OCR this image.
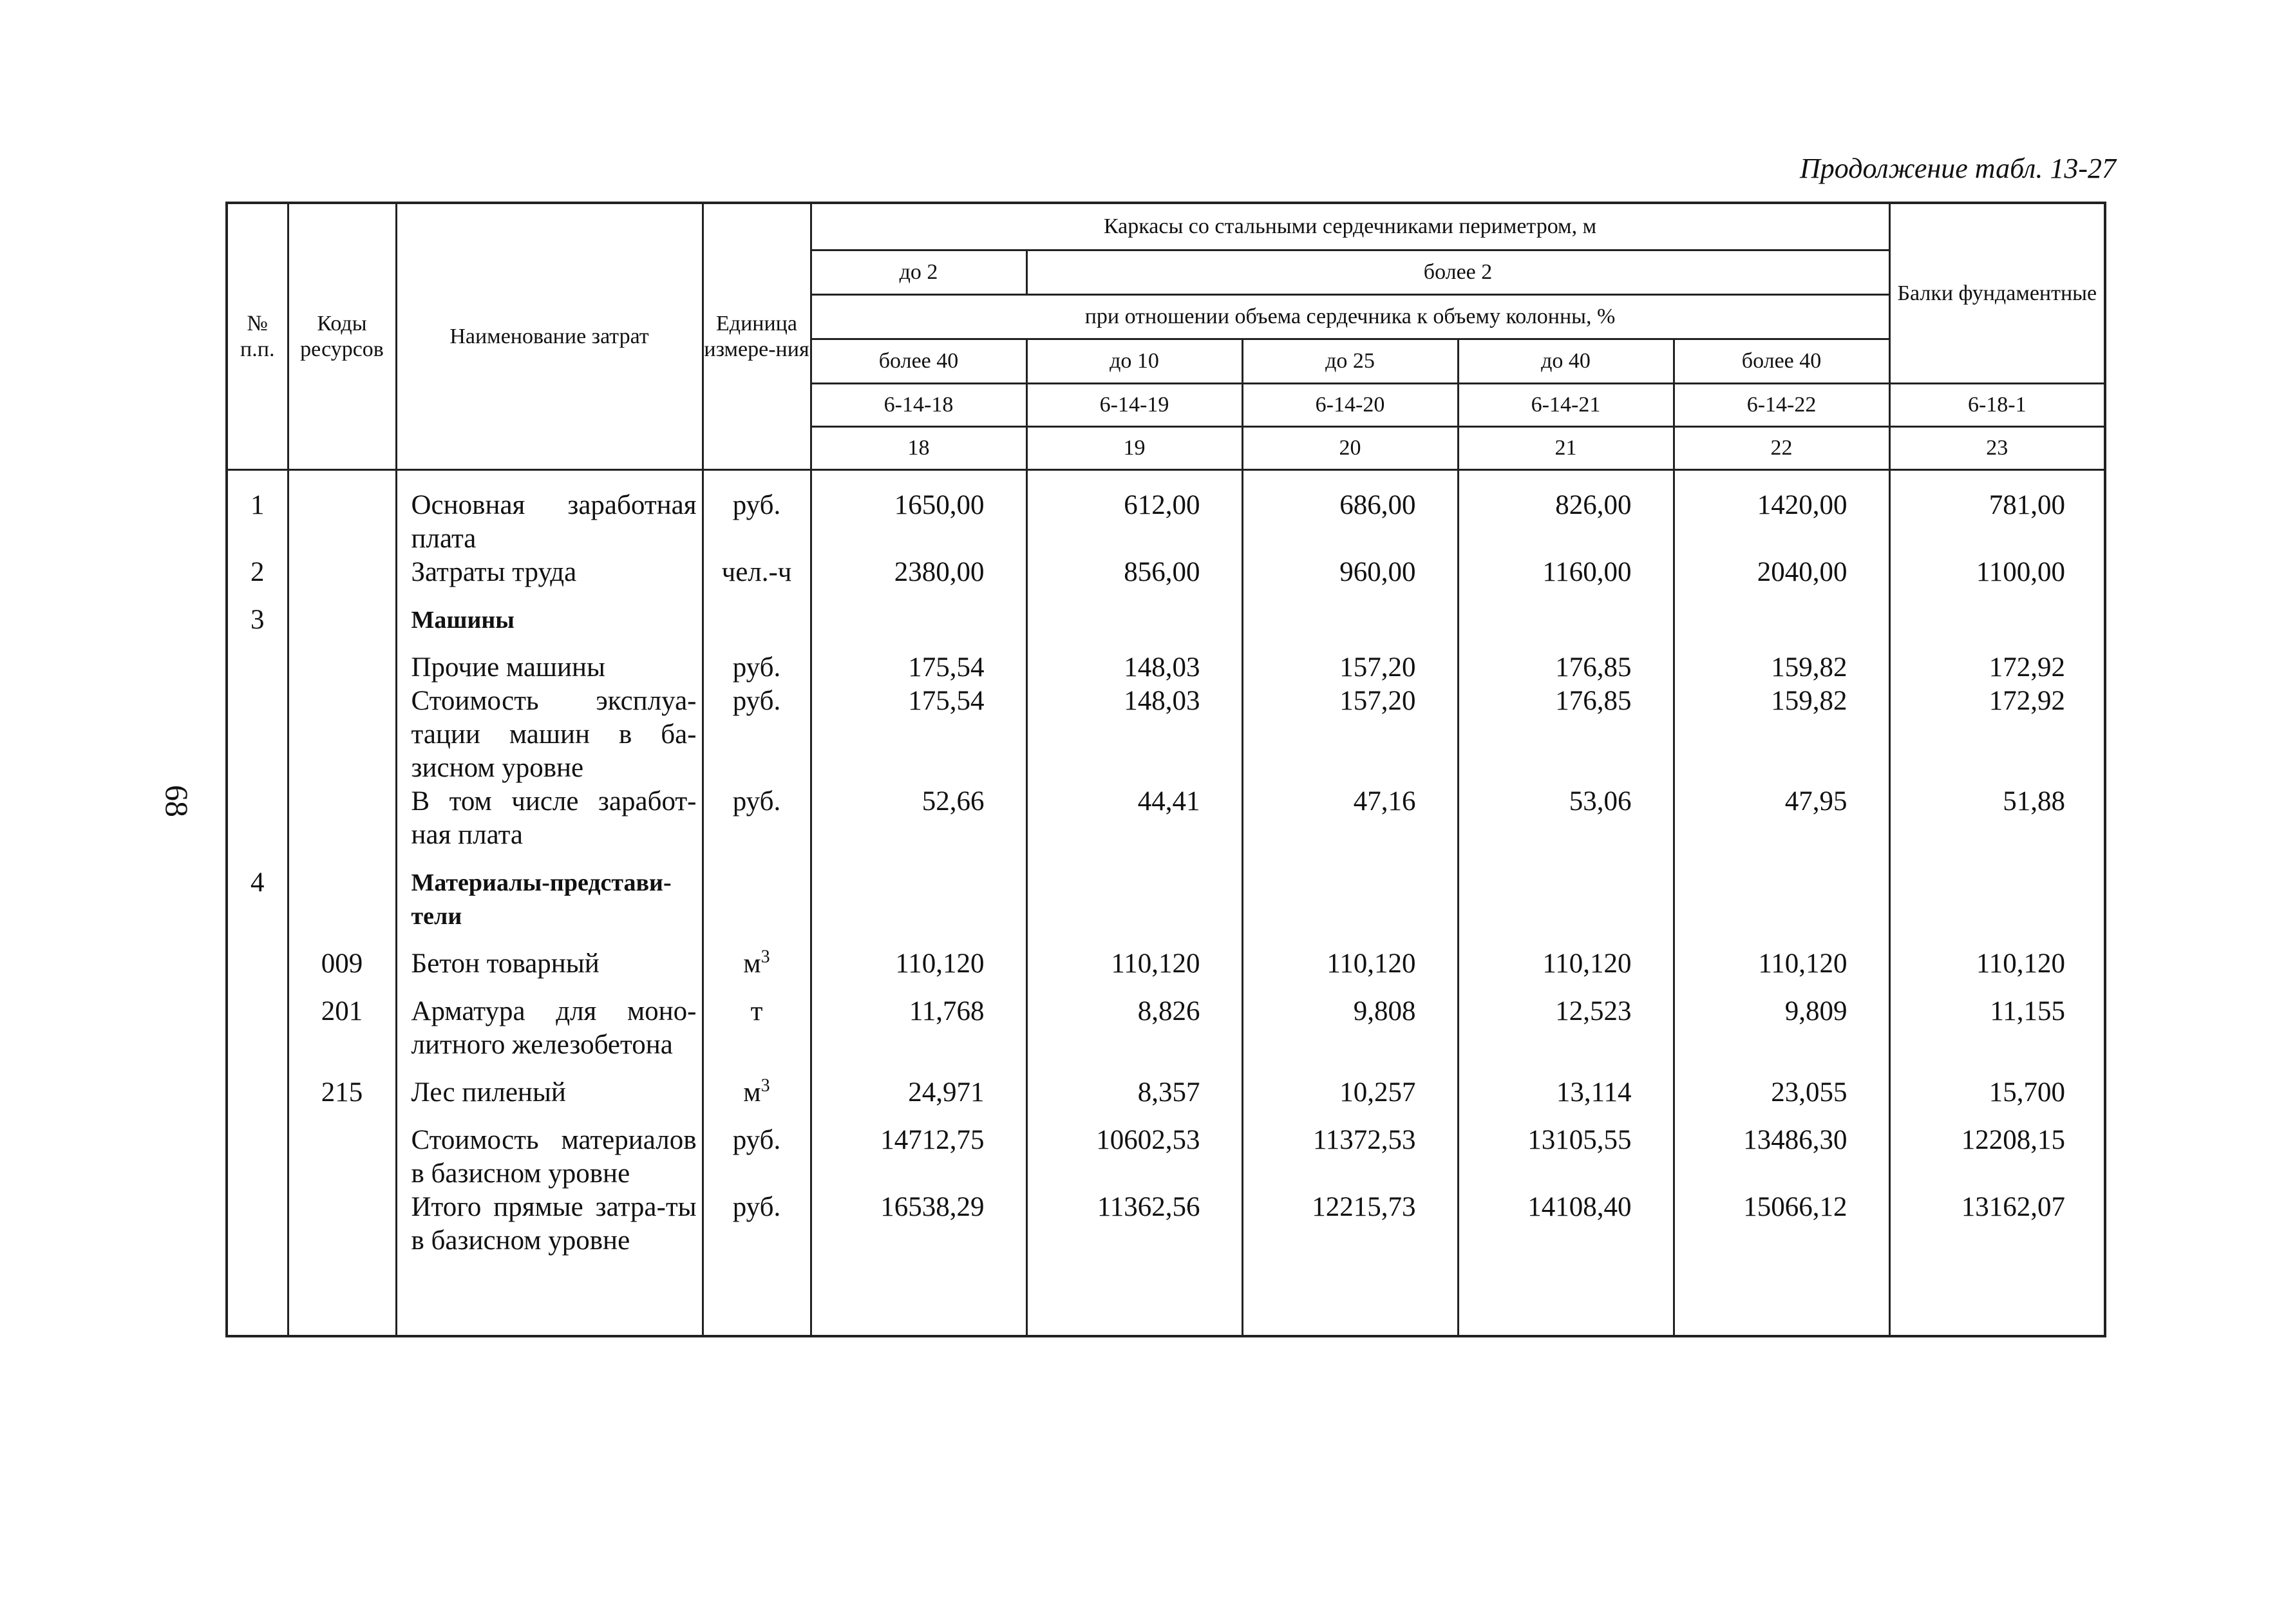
Продолжение табл. 13-27
68
№ п.п.	Коды ресурсов	Наименование затрат	Единица измере-ния	Каркасы со стальными сердечниками периметром, м					Балки фундаментные
				до 2	более 2				
				при отношении объема сердечника к объему колонны, %					
				более 40	до 10	до 25	до 40	более 40	
				6-14-18	6-14-19	6-14-20	6-14-21	6-14-22	6-18-1
				18	19	20	21	22	23
1		Основная заработная плата	руб.	1650,00	612,00	686,00	826,00	1420,00	781,00
2		Затраты труда	чел.-ч	2380,00	856,00	960,00	1160,00	2040,00	1100,00
3		Машины							
		Прочие машины	руб.	175,54	148,03	157,20	176,85	159,82	172,92
		Стоимость эксплуа-тации машин в ба-зисном уровне	руб.	175,54	148,03	157,20	176,85	159,82	172,92
		В том числе заработ-ная плата	руб.	52,66	44,41	47,16	53,06	47,95	51,88
4		Материалы-представи-тели							
	009	Бетон товарный	$м^3$	110,120	110,120	110,120	110,120	110,120	110,120
	201	Арматура для моно-литного железобетона	т	11,768	8,826	9,808	12,523	9,809	11,155
	215	Лес пиленый	$м^3$	24,971	8,357	10,257	13,114	23,055	15,700
		Стоимость материалов в базисном уровне	руб.	14712,75	10602,53	11372,53	13105,55	13486,30	12208,15
		Итого прямые затра-ты в базисном уровне	руб.	16538,29	11362,56	12215,73	14108,40	15066,12	13162,07
